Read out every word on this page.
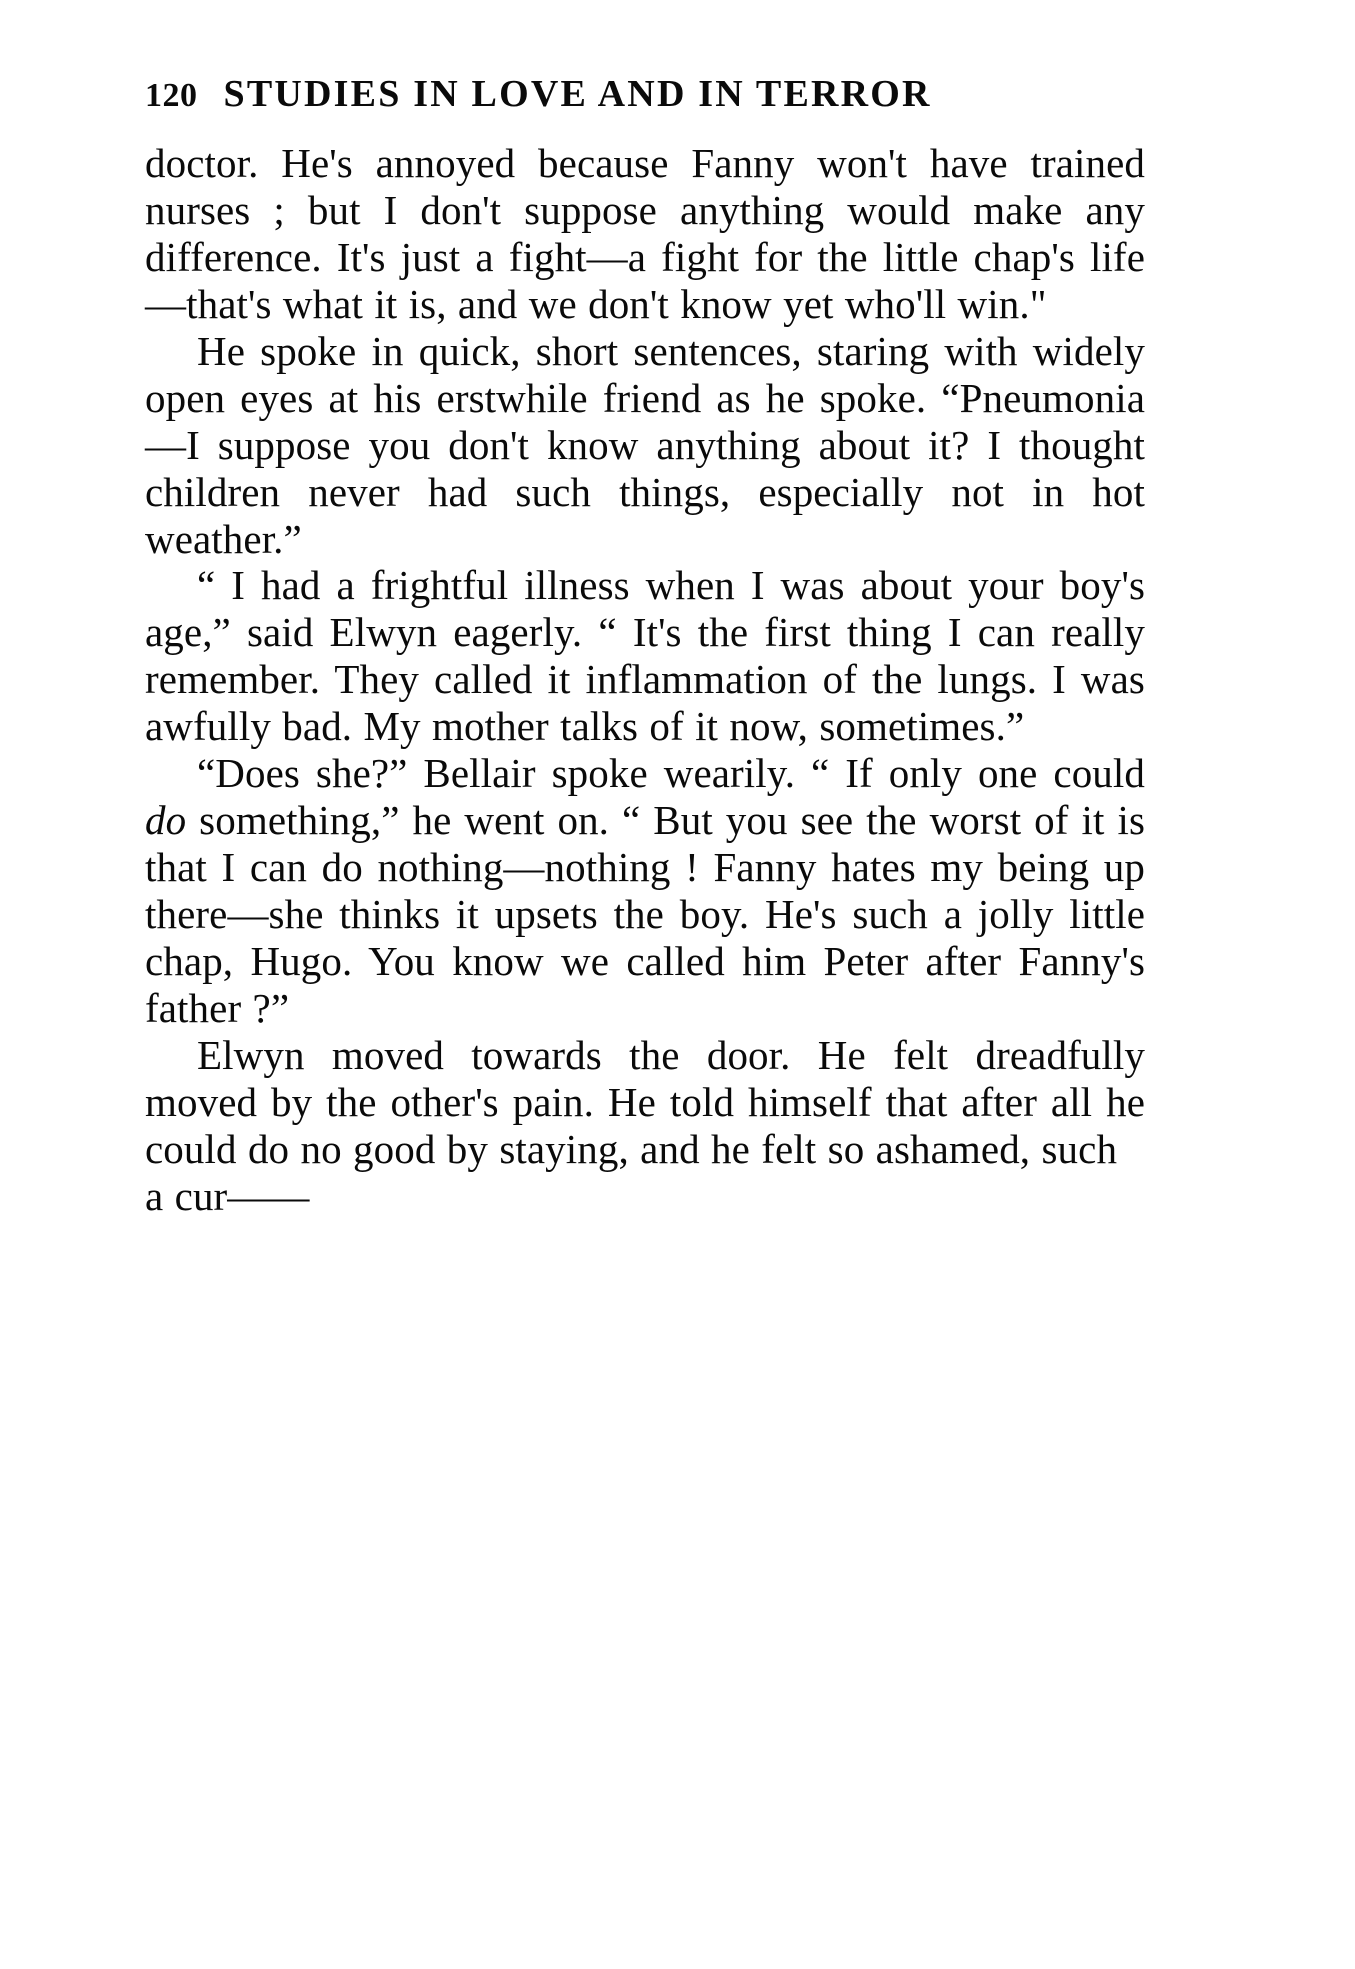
120 STUDIES IN LOVE AND IN TERROR

doctor. He's annoyed because Fanny won't have trained nurses ; but I don't suppose anything would make any difference. It's just a fight—a fight for the little chap's life—that's what it is, and we don't know yet who'll win."

He spoke in quick, short sentences, staring with widely open eyes at his erstwhile friend as he spoke. “Pneumonia—I suppose you don't know anything about it? I thought children never had such things, especially not in hot weather.”

“ I had a frightful illness when I was about your boy's age,” said Elwyn eagerly. “ It's the first thing I can really remember. They called it inflammation of the lungs. I was awfully bad. My mother talks of it now, sometimes.”

“Does she?” Bellair spoke wearily. “ If only one could do something,” he went on. “ But you see the worst of it is that I can do nothing—nothing ! Fanny hates my being up there—she thinks it upsets the boy. He's such a jolly little chap, Hugo. You know we called him Peter after Fanny's father ?”

Elwyn moved towards the door. He felt dreadfully moved by the other's pain. He told himself that after all he could do no good by staying, and he felt so ashamed, such

a cur——
